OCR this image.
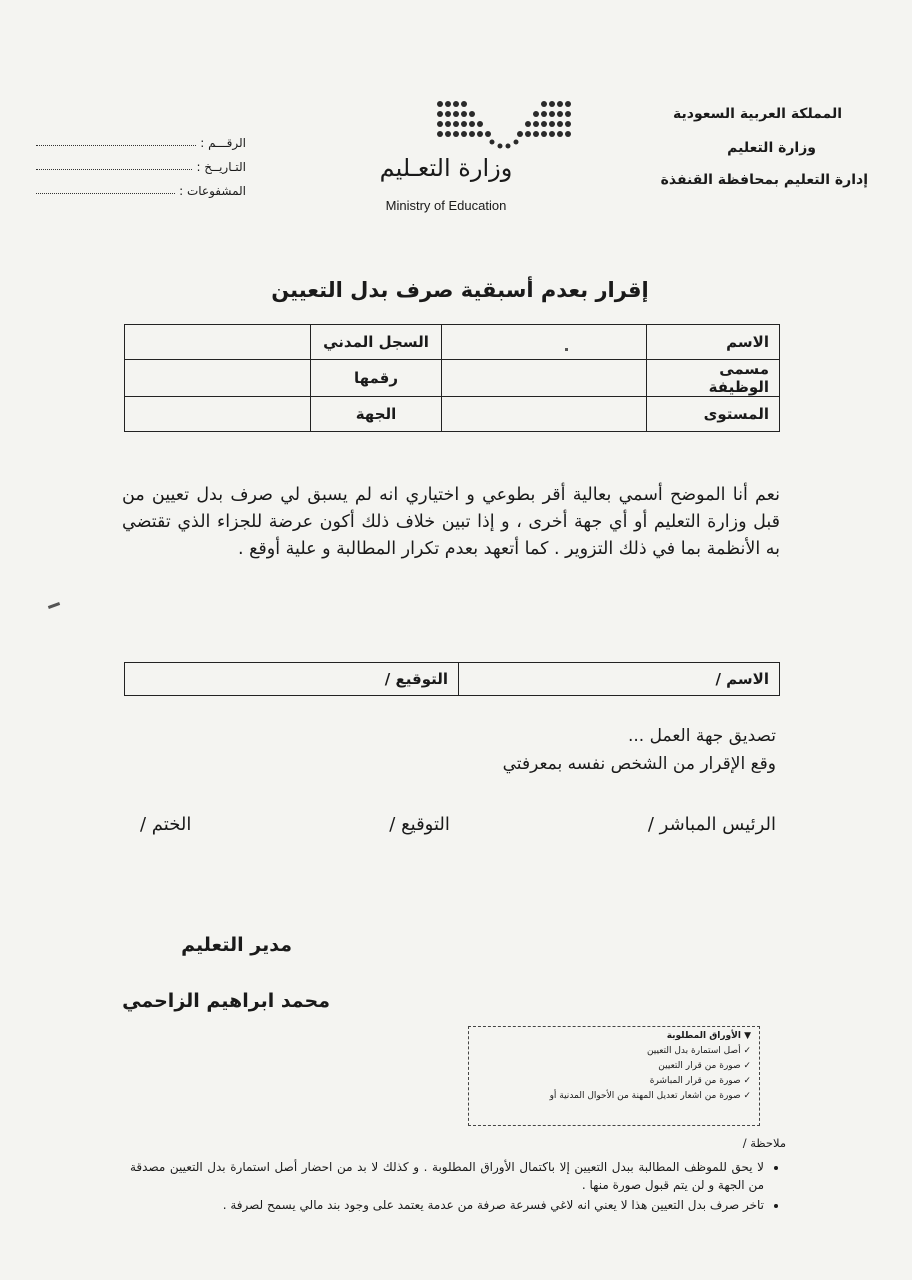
المملكة العربية السعودية
وزارة التعليم
إدارة التعليم بمحافظة القنفذة
وزارة التعـليم
Ministry of Education
الرقـــم :
التـاريــخ :
المشفوعات :
إقرار بعدم أسبقية صرف بدل التعيين
الاسم		السجل المدني	
مسمى الوظيفة		رقمها	
المستوى		الجهة	
نعم أنا الموضح أسمي بعالية أقر بطوعي و اختياري انه لم يسبق لي صرف بدل تعيين من قبل وزارة التعليم أو أي جهة أخرى ، و إذا تبين خلاف ذلك أكون عرضة للجزاء الذي تقتضي به الأنظمة بما في ذلك التزوير . كما أتعهد بعدم تكرار المطالبة و علية أوقع .
الاسم /	التوقيع /
تصديق جهة العمل ...
وقع الإقرار من الشخص نفسه بمعرفتي
الرئيس المباشر /
التوقيع /
الختم /
مدير التعليم
محمد ابراهيم الزاحمي
▼ الأوراق المطلوبة
✓ أصل استمارة بدل التعيين
✓ صورة من قرار التعيين
✓ صورة من قرار المباشرة
✓ صورة من اشعار تعديل المهنة من الأحوال المدنية أو
ملاحظة /
• لا يحق للموظف المطالبة ببدل التعيين إلا باكتمال الأوراق المطلوبة . و كذلك لا بد من احضار أصل استمارة بدل التعيين مصدقة من الجهة و لن يتم قبول صورة منها .
• تاخر صرف بدل التعيين هذا لا يعني انه لاغي فسرعة صرفة من عدمة يعتمد على وجود بند مالي يسمح لصرفة .
